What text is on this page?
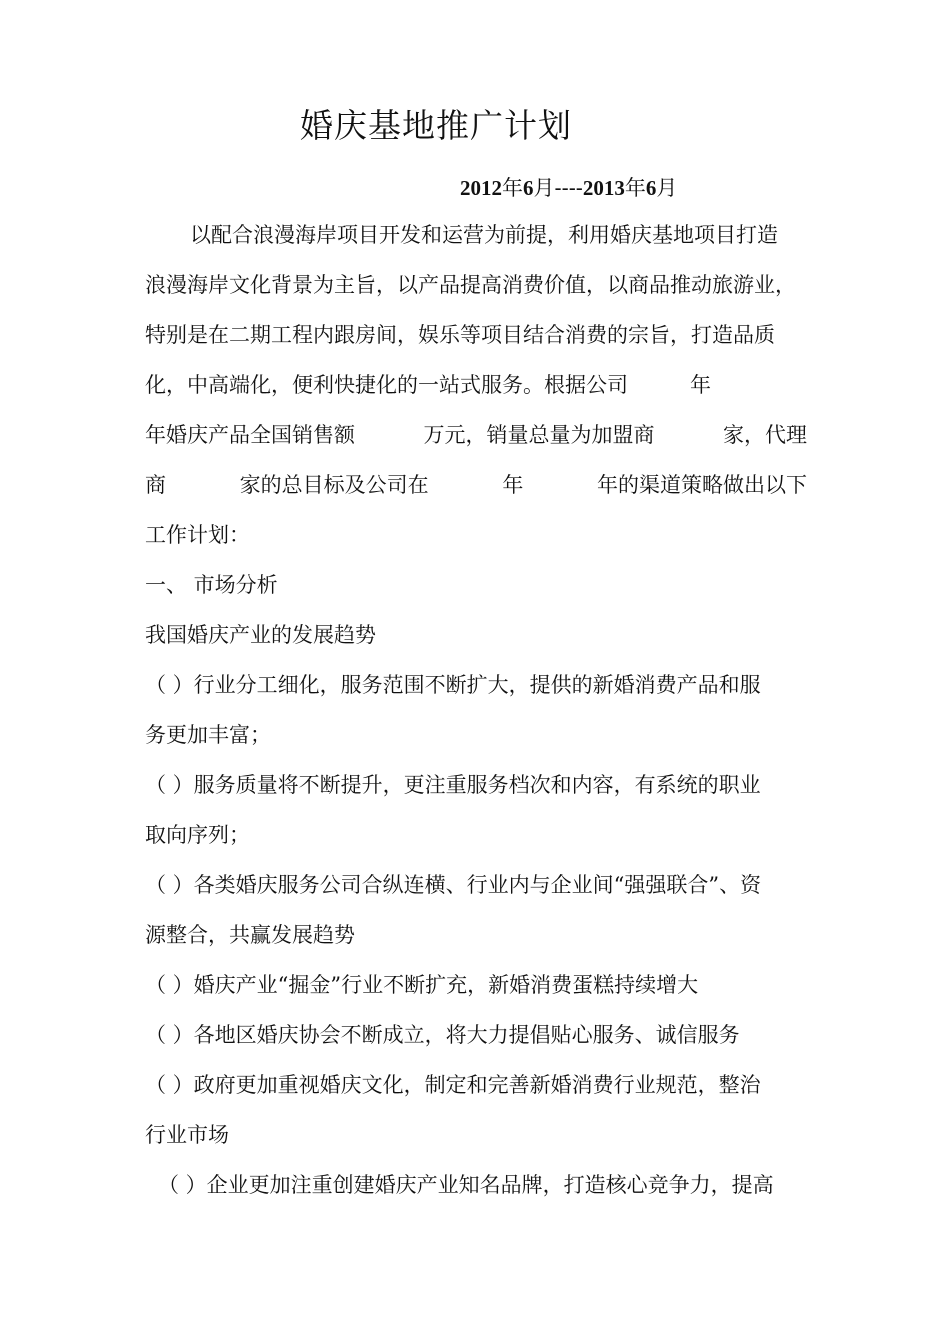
婚庆基地推广计划
2012年6月----2013年6月
以配合浪漫海岸项目开发和运营为前提，利用婚庆基地项目打造
浪漫海岸文化背景为主旨，以产品提高消费价值，以商品推动旅游业，
特别是在二期工程内跟房间，娱乐等项目结合消费的宗旨，打造品质
化，中高端化，便利快捷化的一站式服务。根据公司	年
年婚庆产品全国销售额	万元，销量总量为加盟商	家，代理
商	家的总目标及公司在	年	年的渠道策略做出以下
工作计划：
一、 市场分析
我国婚庆产业的发展趋势
（ ）行业分工细化，服务范围不断扩大，提供的新婚消费产品和服
务更加丰富；
（ ）服务质量将不断提升，更注重服务档次和内容，有系统的职业
取向序列；
（ ）各类婚庆服务公司合纵连横、行业内与企业间“强强联合”、资
源整合，共赢发展趋势
（ ）婚庆产业“掘金”行业不断扩充，新婚消费蛋糕持续增大
（ ）各地区婚庆协会不断成立，将大力提倡贴心服务、诚信服务
（ ）政府更加重视婚庆文化，制定和完善新婚消费行业规范，整治
行业市场
（ ）企业更加注重创建婚庆产业知名品牌，打造核心竞争力，提高
